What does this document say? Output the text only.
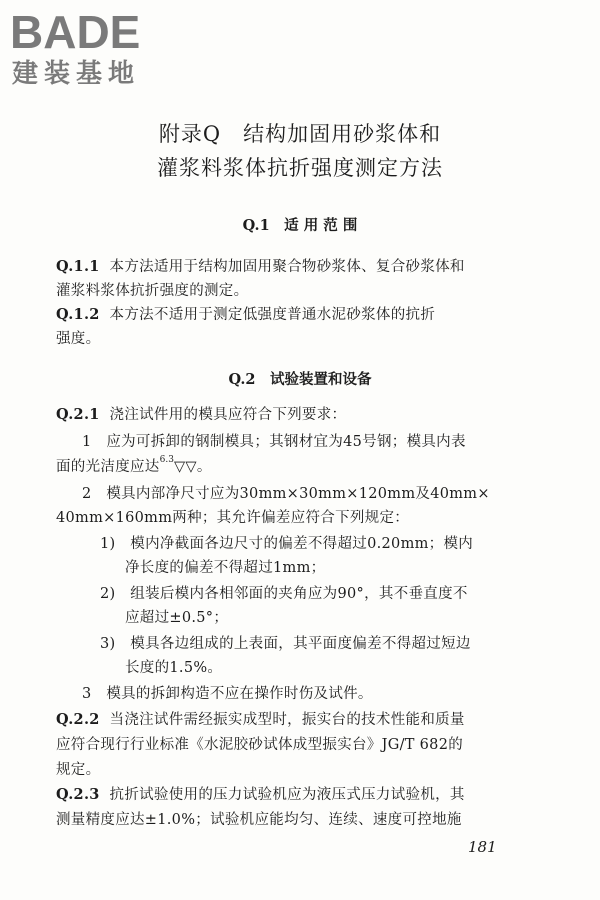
BADE
建装基地
附录Q　结构加固用砂浆体和
灌浆料浆体抗折强度测定方法
Q.1　适 用 范 围
Q.1.1 本方法适用于结构加固用聚合物砂浆体、复合砂浆体和
灌浆料浆体抗折强度的测定。
Q.1.2 本方法不适用于测定低强度普通水泥砂浆体的抗折
强度。
Q.2　试验装置和设备
Q.2.1 浇注试件用的模具应符合下列要求：
1　应为可拆卸的钢制模具；其钢材宜为45号钢；模具内表
面的光洁度应达$^{6.3}$▽▽。
2　模具内部净尺寸应为30mm×30mm×120mm及40mm×
40mm×160mm两种；其允许偏差应符合下列规定：
1)　模内净截面各边尺寸的偏差不得超过0.20mm；模内
净长度的偏差不得超过1mm；
2)　组装后模内各相邻面的夹角应为90°，其不垂直度不
应超过±0.5°；
3)　模具各边组成的上表面，其平面度偏差不得超过短边
长度的1.5%。
3　模具的拆卸构造不应在操作时伤及试件。
Q.2.2 当浇注试件需经振实成型时，振实台的技术性能和质量
应符合现行行业标准《水泥胶砂试体成型振实台》JG/T 682的
规定。
Q.2.3 抗折试验使用的压力试验机应为液压式压力试验机，其
测量精度应达±1.0%；试验机应能均匀、连续、速度可控地施
181
